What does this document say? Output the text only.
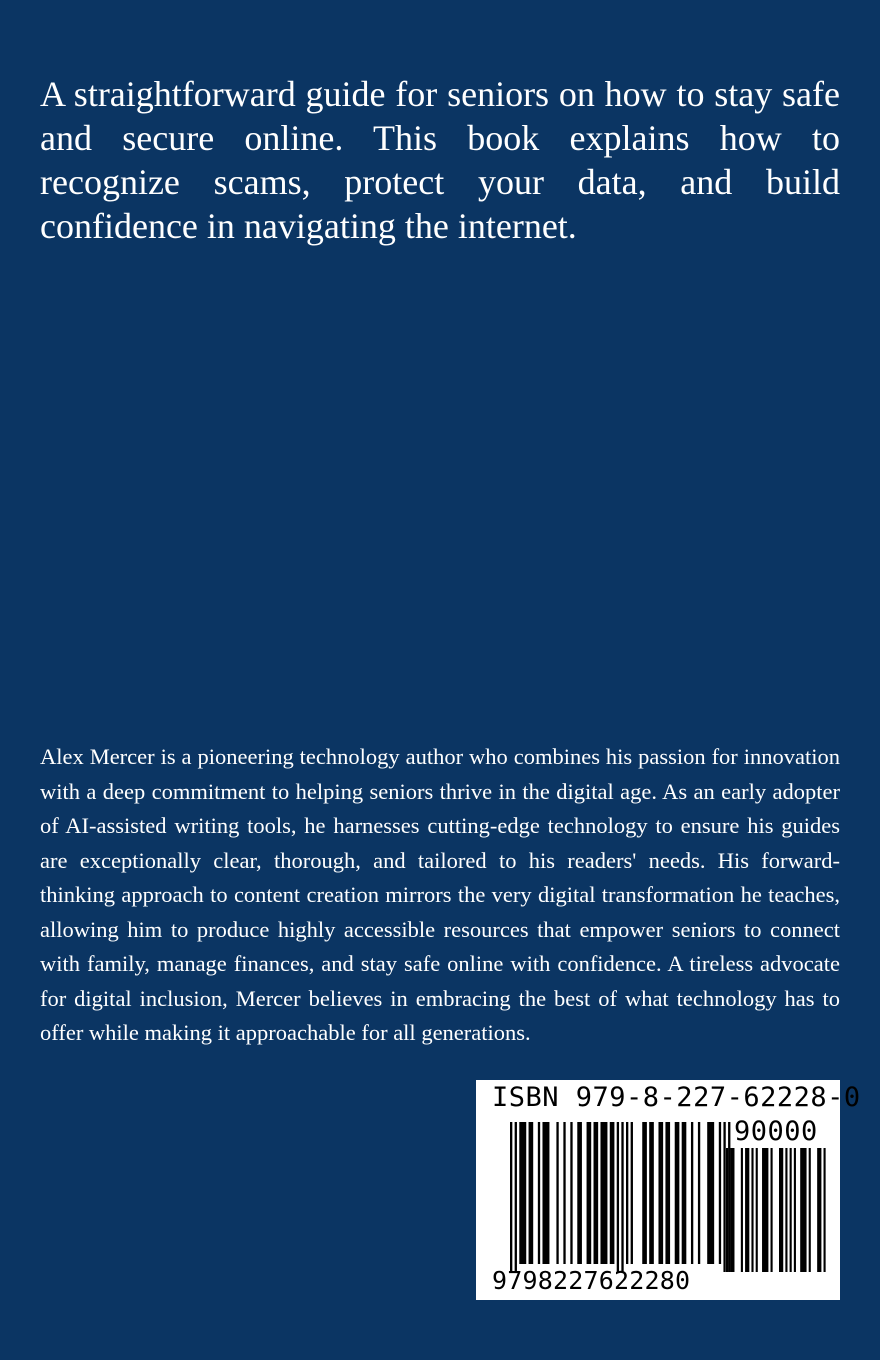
A straightforward guide for seniors on how to stay safe and secure online. This book explains how to recognize scams, protect your data, and build confidence in navigating the internet.

Alex Mercer is a pioneering technology author who combines his passion for innovation with a deep commitment to helping seniors thrive in the digital age. As an early adopter of AI-assisted writing tools, he harnesses cutting-edge technology to ensure his guides are exceptionally clear, thorough, and tailored to his readers' needs. His forward-thinking approach to content creation mirrors the very digital transformation he teaches, allowing him to produce highly accessible resources that empower seniors to connect with family, manage finances, and stay safe online with confidence. A tireless advocate for digital inclusion, Mercer believes in embracing the best of what technology has to offer while making it approachable for all generations.

ISBN 979-8-227-62228-0
90000
9798227622280
